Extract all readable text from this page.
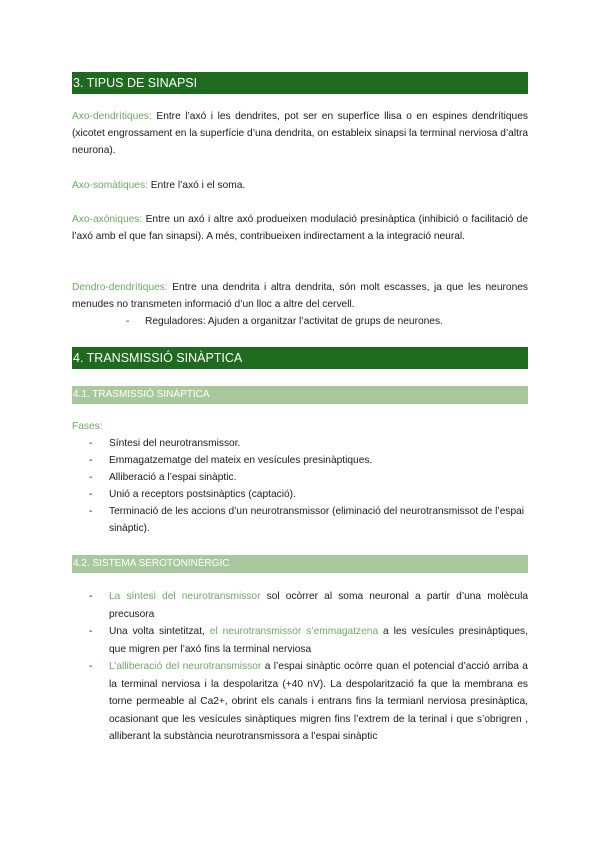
3. TIPUS DE SINAPSI
Axo-dendrítiques: Entre l’axó i les dendrites, pot ser en superfíce llisa o en espines dendrítiques (xicotet engrossament en la superfície d’una dendrita, on estableix sinapsi la terminal nerviosa d’altra neurona).
Axo-somàtiques: Entre l’axó i el soma.
Axo-axòniques: Entre un axó i altre axó produeixen modulació presinàptica (inhibició o facilitació de l’axó amb el que fan sinapsi). A més, contribueixen indirectament a la integració neural.
Dendro-dendrítiques: Entre una dendrita i altra dendrita, són molt escasses, ja que les neurones menudes no transmeten informació d’un lloc a altre del cervell.
- Reguladores: Ajuden a organitzar l’activitat de grups de neurones.
4. TRANSMISSIÓ SINÀPTICA
4.1. TRASMISSIÓ SINÀPTICA
Fases:
- Síntesi del neurotransmissor.
- Emmagatzematge del mateix en vesícules presinàptiques.
- Alliberació a l’espai sinàptic.
- Unió a receptors postsinàptics (captació).
- Terminació de les accions d’un neurotransmissor (eliminació del neurotransmissot de l’espai sinàptic).
4.2. SISTEMA SEROTONINÈRGIC
- La síntesi del neurotransmissor sol ocòrrer al soma neuronal a partir d’una molècula precusora
- Una volta sintetitzat, el neurotransmissor s’emmagatzena a les vesícules presinàptiques, que migren per l’axó fins la terminal nerviosa
- L’alliberació del neurotransmissor a l’espai sinàptic ocòrre quan el potencial d’acció arriba a la terminal nerviosa i la despolaritza (+40 nV). La despolarització fa que la membrana es torne permeable al Ca2+, obrint els canals i entrans fins la termianl nerviosa presinàptica, ocasionant que les vesícules sinàptiques migren fins l’extrem de la terinal i que s’obrigren , alliberant la substància neurotransmissora a l’espai sinàptic
